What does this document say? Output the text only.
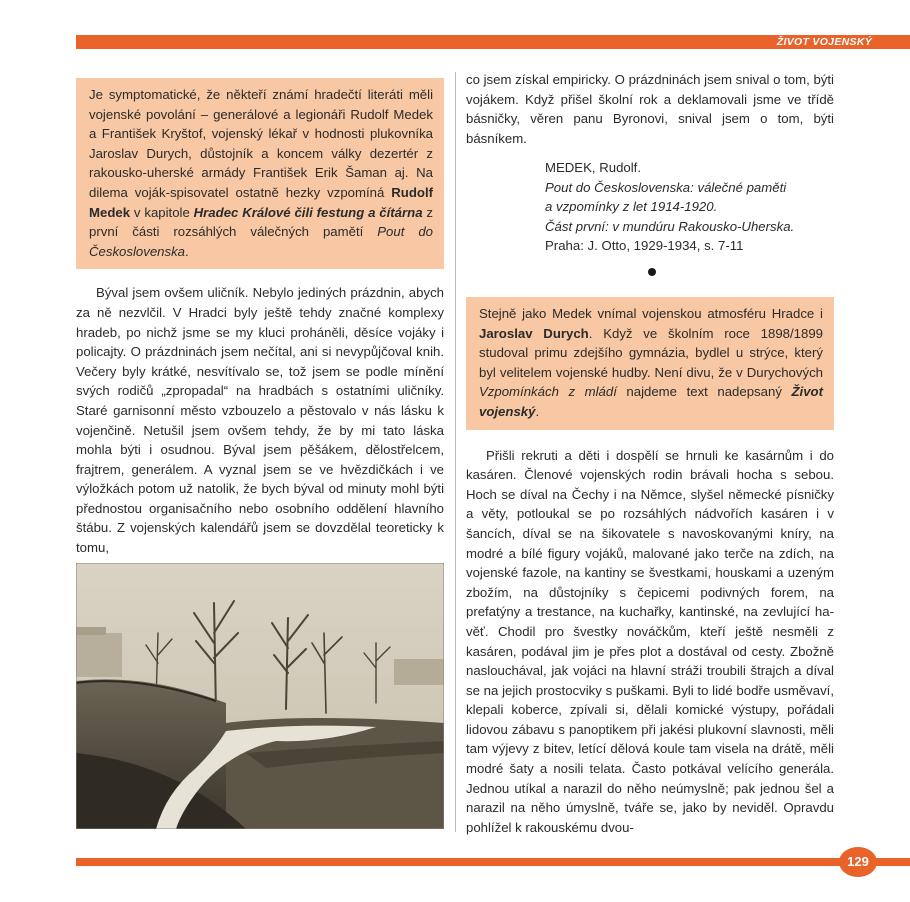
ŽIVOT VOJENSKÝ

Je symptomatické, že někteří známí hradečtí literáti měli vojenské povolání – generálové a legionáři Rudolf Medek a František Kryštof, vojenský lékař v hodnosti plukovníka Jaroslav Durych, důstojník a koncem války dezertér z rakousko-uherské armády František Erik Šaman aj. Na dilema voják-spisovatel ostatně hezky vzpomíná Rudolf Medek v kapitole Hradec Králové čili festung a čítárna z první části rozsáhlých válečných pamětí Pout do Československa.

Býval jsem ovšem uličník. Nebylo jediných prázdnin, abych za ně nezvlčil. V Hradci byly ještě tehdy značné komplexy hradeb, po nichž jsme se my kluci proháněli, děsíce vojáky i policajty. O prázdninách jsem nečítal, ani si nevypůjčoval knih. Večery byly krátké, nesvítívalo se, tož jsem se podle mínění svých rodičů „zpropadal“ na hradbách s ostatními uličníky. Staré garnisonní město vzbouzelo a pěstovalo v nás lásku k vojenčině. Netušil jsem ovšem tehdy, že by mi tato láska mohla býti i osudnou. Býval jsem pěšákem, dělostřelcem, frajtrem, generálem. A vyznal jsem se ve hvězdičkách i ve výložkách potom už natolik, že bych býval od minuty mohl býti přednostou organisačního nebo osobního oddělení hlavního štábu. Z vojenských kalendářů jsem se dovzdělal teoreticky k tomu,

co jsem získal empiricky. O prázdninách jsem snival o tom, býti vojákem. Když přišel školní rok a deklamovali jsme ve třídě básničky, věren panu Byronovi, snival jsem o tom, býti básníkem.

MEDEK, Rudolf.
Pout do Československa: válečné paměti
a vzpomínky z let 1914-1920.
Část první: v mundúru Rakousko-Uherska.
Praha: J. Otto, 1929-1934, s. 7-11

Stejně jako Medek vnímal vojenskou atmosféru Hradce i Jaroslav Durych. Když ve školním roce 1898/1899 studoval primu zdejšího gymnázia, bydlel u strýce, který byl velitelem vojenské hudby. Není divu, že v Durychových Vzpomínkách z mládí najdeme text nadepsaný Život vojenský.

Přišli rekruti a děti i dospělí se hrnuli ke kasárnům i do kasáren. Členové vojenských rodin brávali hocha s sebou. Hoch se díval na Čechy i na Němce, slyšel německé písničky a věty, potloukal se po rozsáhlých nádvořích kasáren i v šancích, díval se na šikovatele s navoskovanými kníry, na modré a bílé figury vojáků, malované jako terče na zdích, na vojenské fazole, na kantiny se švestkami, houskami a uzeným zbožím, na důstojníky s čepicemi podivných forem, na prefatýny a trestance, na kuchařky, kantinské, na zevlující havěť. Chodil pro švestky nováčkům, kteří ještě nesměli z kasáren, podával jim je přes plot a dostával od cesty. Zbožně naslouchával, jak vojáci na hlavní stráži troubili štrajch a díval se na jejich prostocviky s puškami. Byli to lidé bodře usměvaví, klepali koberce, zpívali si, dělali komické výstupy, pořádali lidovou zábavu s panoptikem při jakési plukovní slavnosti, měli tam výjevy z bitev, letící dělová koule tam visela na drátě, měli modré šaty a nosili telata. Často potkával velícího generála. Jednou utíkal a narazil do něho neúmyslně; pak jednou šel a narazil na něho úmyslně, tváře se, jako by neviděl. Opravdu pohlížel k rakouskému dvou-

129
